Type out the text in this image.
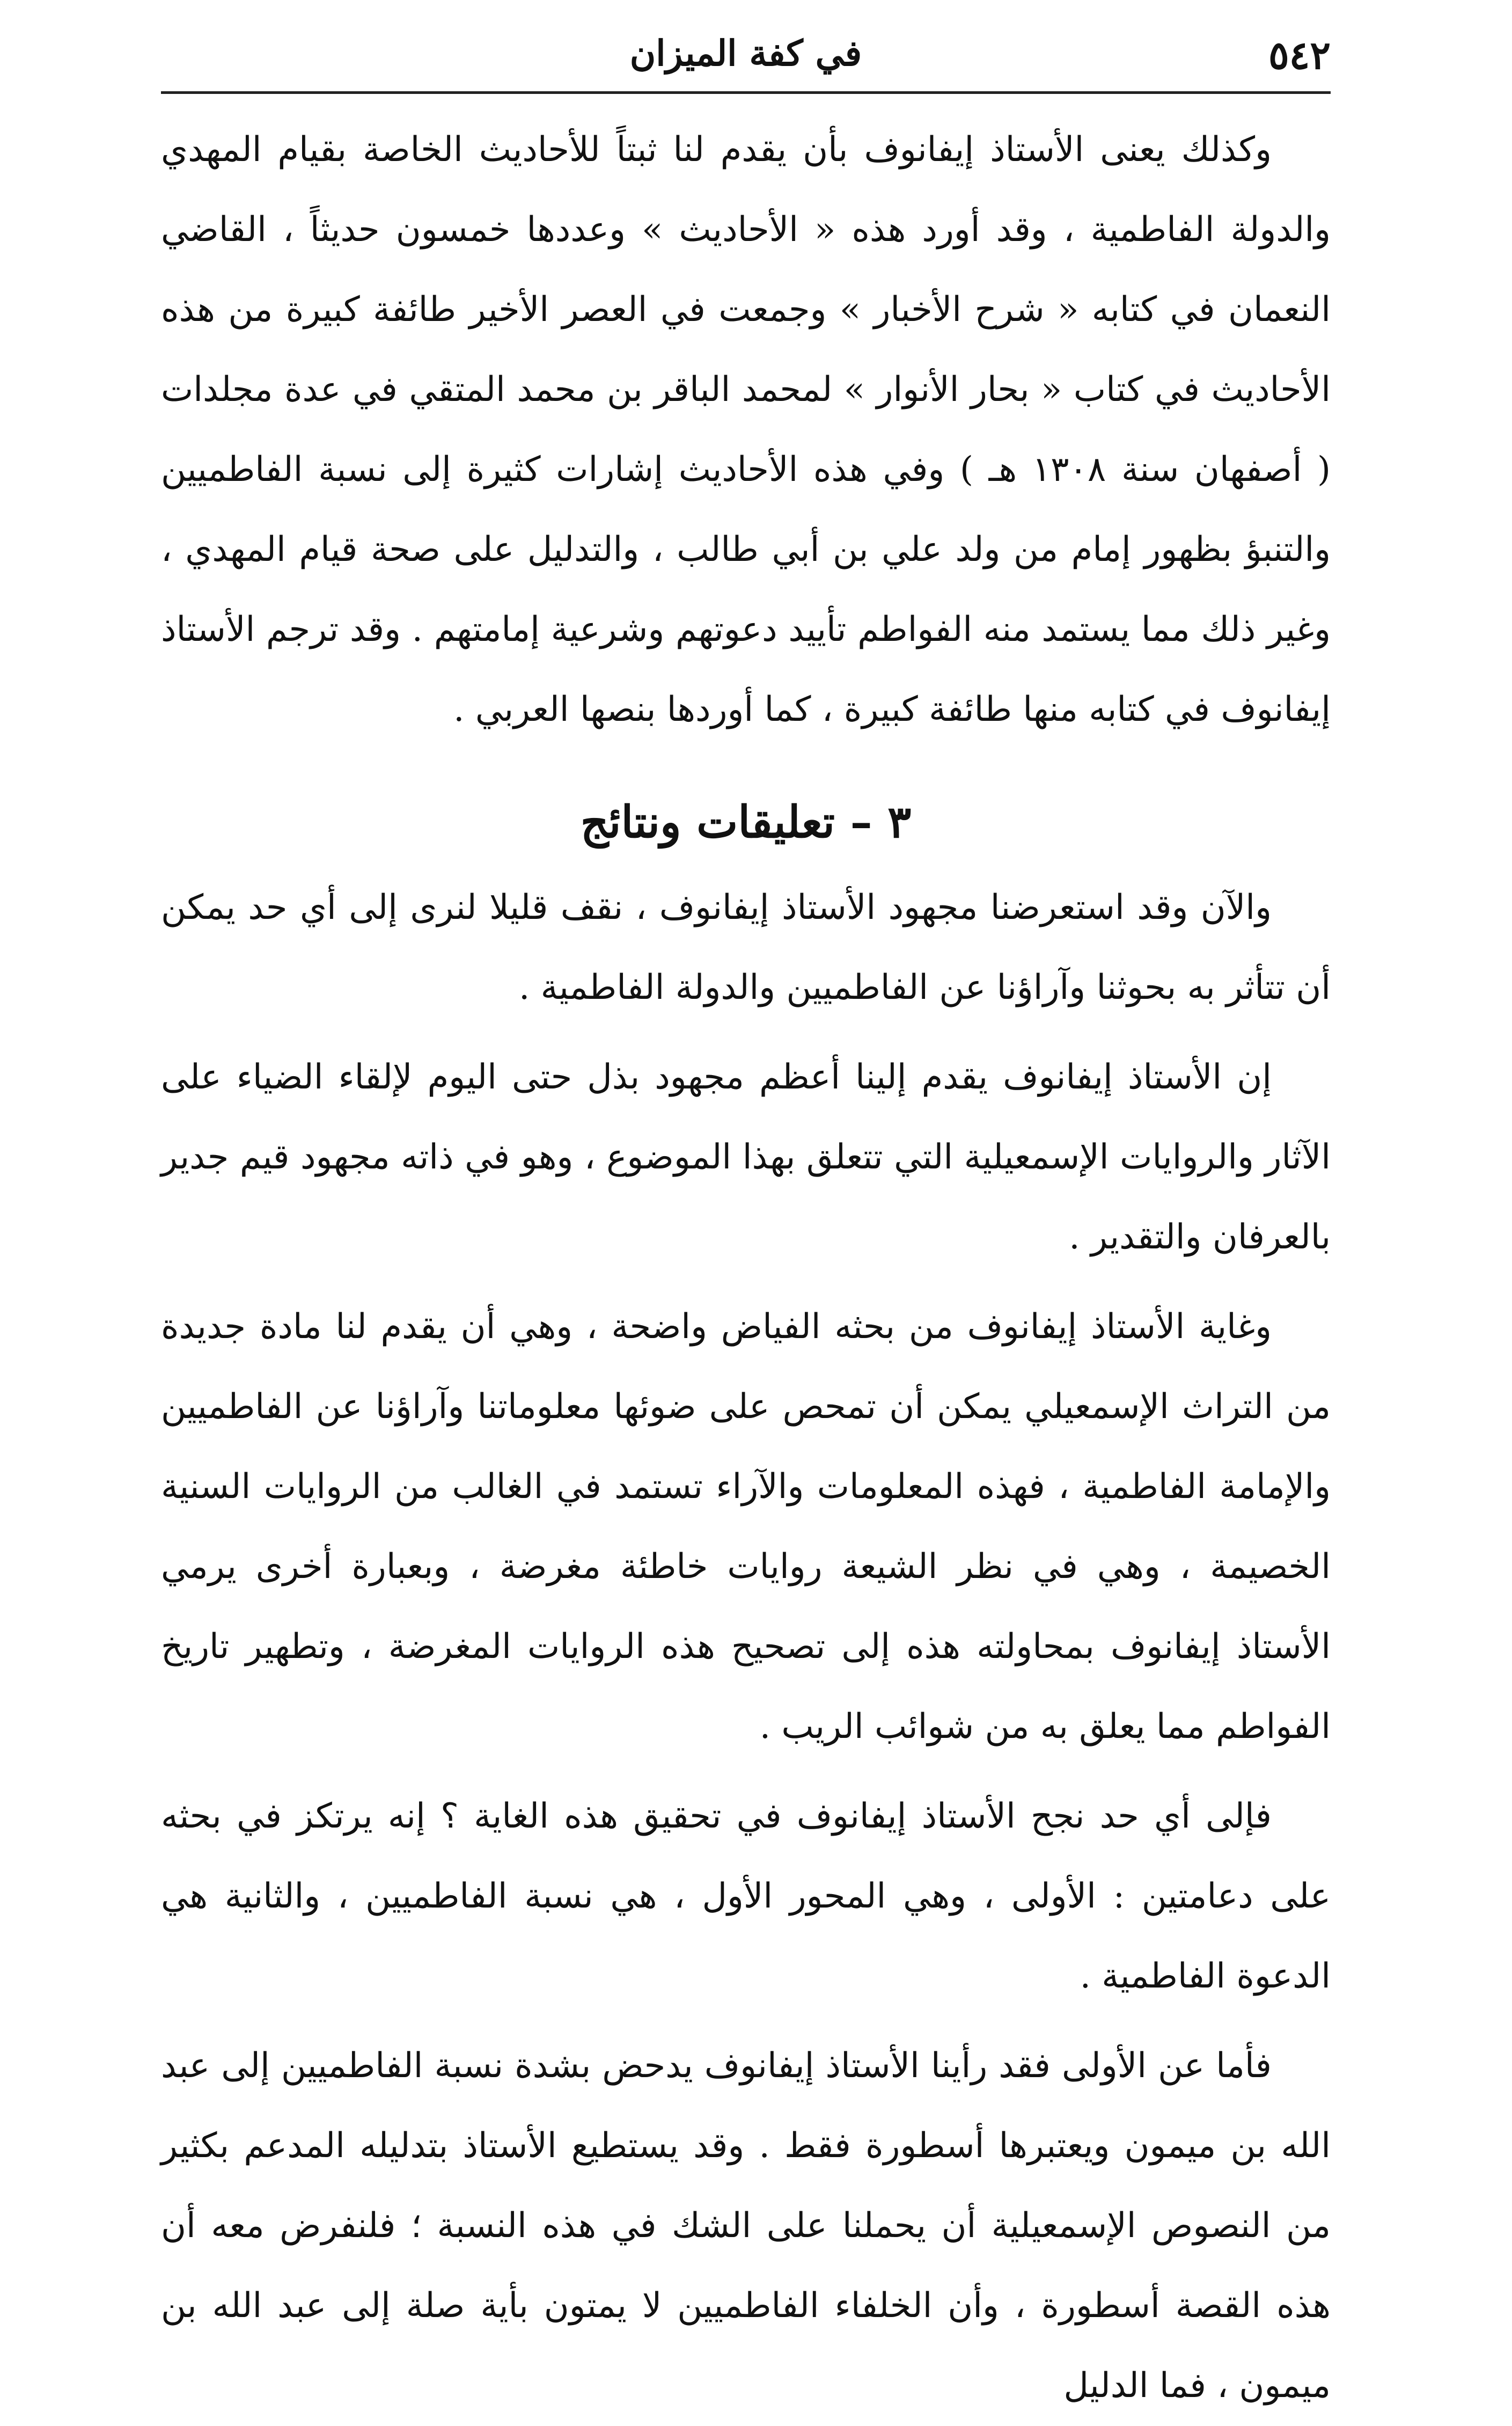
٥٤٢
في كفة الميزان

وكذلك يعنى الأستاذ إيفانوف بأن يقدم لنا ثبتاً للأحاديث الخاصة بقيام المهدي والدولة الفاطمية ، وقد أورد هذه « الأحاديث » وعددها خمسون حديثاً ، القاضي النعمان في كتابه « شرح الأخبار » وجمعت في العصر الأخير طائفة كبيرة من هذه الأحاديث في كتاب « بحار الأنوار » لمحمد الباقر بن محمد المتقي في عدة مجلدات ( أصفهان سنة ١٣٠٨ هـ ) وفي هذه الأحاديث إشارات كثيرة إلى نسبة الفاطميين والتنبؤ بظهور إمام من ولد علي بن أبي طالب ، والتدليل على صحة قيام المهدي ، وغير ذلك مما يستمد منه الفواطم تأييد دعوتهم وشرعية إمامتهم . وقد ترجم الأستاذ إيفانوف في كتابه منها طائفة كبيرة ، كما أوردها بنصها العربي .

٣ – تعليقات ونتائج

والآن وقد استعرضنا مجهود الأستاذ إيفانوف ، نقف قليلا لنرى إلى أي حد يمكن أن تتأثر به بحوثنا وآراؤنا عن الفاطميين والدولة الفاطمية .

إن الأستاذ إيفانوف يقدم إلينا أعظم مجهود بذل حتى اليوم لإلقاء الضياء على الآثار والروايات الإسمعيلية التي تتعلق بهذا الموضوع ، وهو في ذاته مجهود قيم جدير بالعرفان والتقدير .

وغاية الأستاذ إيفانوف من بحثه الفياض واضحة ، وهي أن يقدم لنا مادة جديدة من التراث الإسمعيلي يمكن أن تمحص على ضوئها معلوماتنا وآراؤنا عن الفاطميين والإمامة الفاطمية ، فهذه المعلومات والآراء تستمد في الغالب من الروايات السنية الخصيمة ، وهي في نظر الشيعة روايات خاطئة مغرضة ، وبعبارة أخرى يرمي الأستاذ إيفانوف بمحاولته هذه إلى تصحيح هذه الروايات المغرضة ، وتطهير تاريخ الفواطم مما يعلق به من شوائب الريب .

فإلى أي حد نجح الأستاذ إيفانوف في تحقيق هذه الغاية ؟ إنه يرتكز في بحثه على دعامتين : الأولى ، وهي المحور الأول ، هي نسبة الفاطميين ، والثانية هي الدعوة الفاطمية .

فأما عن الأولى فقد رأينا الأستاذ إيفانوف يدحض بشدة نسبة الفاطميين إلى عبد الله بن ميمون ويعتبرها أسطورة فقط . وقد يستطيع الأستاذ بتدليله المدعم بكثير من النصوص الإسمعيلية أن يحملنا على الشك في هذه النسبة ؛ فلنفرض معه أن هذه القصة أسطورة ، وأن الخلفاء الفاطميين لا يمتون بأية صلة إلى عبد الله بن ميمون ، فما الدليل
